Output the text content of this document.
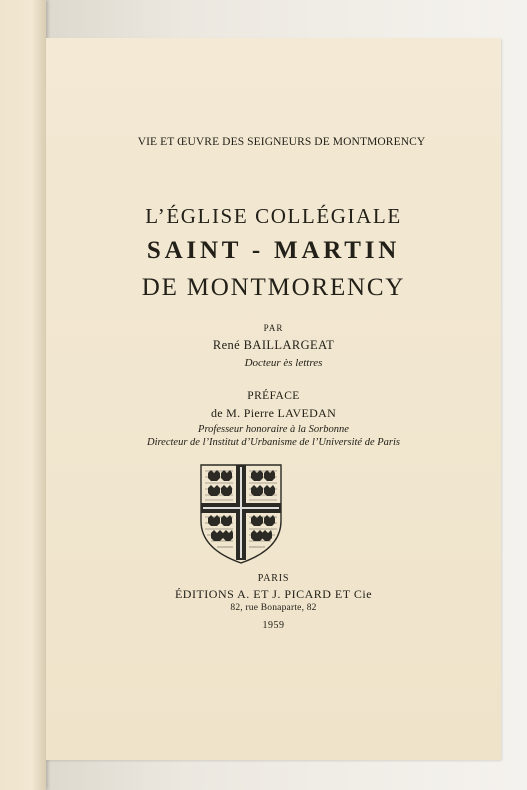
VIE ET ŒUVRE DES SEIGNEURS DE MONTMORENCY
L’ÉGLISE COLLÉGIALE
SAINT - MARTIN
DE MONTMORENCY
PAR
René BAILLARGEAT
Docteur ès lettres
PRÉFACE
de M. Pierre LAVEDAN
Professeur honoraire à la Sorbonne
Directeur de l’Institut d’Urbanisme de l’Université de Paris
PARIS
ÉDITIONS A. ET J. PICARD ET Cie
82, rue Bonaparte, 82
1959
